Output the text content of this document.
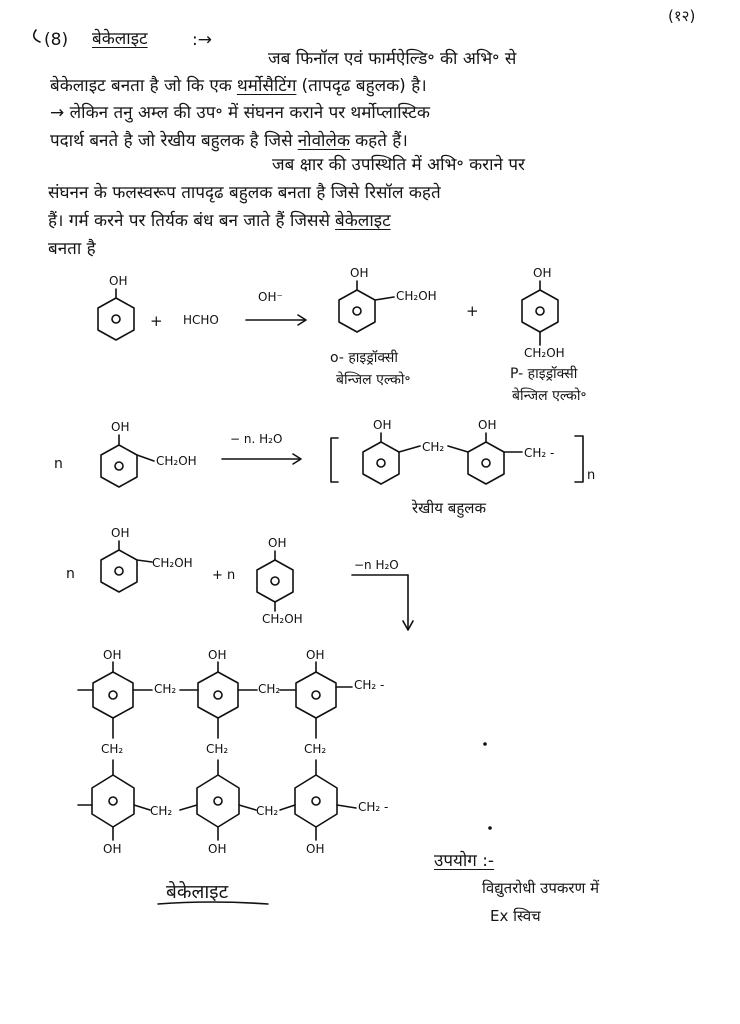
(१२)
(8) बेकेलाइट	:→
जब फिनॉल एवं फार्मऐल्डि॰ की अभि॰ से
बेकेलाइट बनता है जो कि एक थर्मोसैटिंग (तापदृढ बहुलक) है।
→ लेकिन तनु अम्ल की उप॰ में संघनन कराने पर थर्मोप्लास्टिक
पदार्थ बनते है जो रेखीय बहुलक है जिसे नोवोलेक कहते हैं।
जब क्षार की उपस्थिति में अभि॰ कराने पर
संघनन के फलस्वरूप तापदृढ बहुलक बनता है जिसे रिसॉल कहते
हैं। गर्म करने पर तिर्यक बंध बन जाते हैं जिससे बेकेलाइट
बनता है
OH
+ HCHO
OH⁻
OH
CH₂OH
+
OH
CH₂OH
o- हाइड्रॉक्सी
बेन्जिल एल्को॰	P- हाइड्रॉक्सी
बेन्जिल एल्को॰
n
OH
CH₂OH
− n. H₂O
OH	OH
CH₂	CH₂ -
n
रेखीय बहुलक
n
OH
CH₂OH
+ n
OH
CH₂OH
−n H₂O
OH	OH	OH
CH₂	CH₂	CH₂ -
CH₂	CH₂	CH₂
CH₂	CH₂	CH₂ -
OH	OH	OH
बेकेलाइट
उपयोग :-
विद्युतरोधी उपकरण में
Ex स्विच
